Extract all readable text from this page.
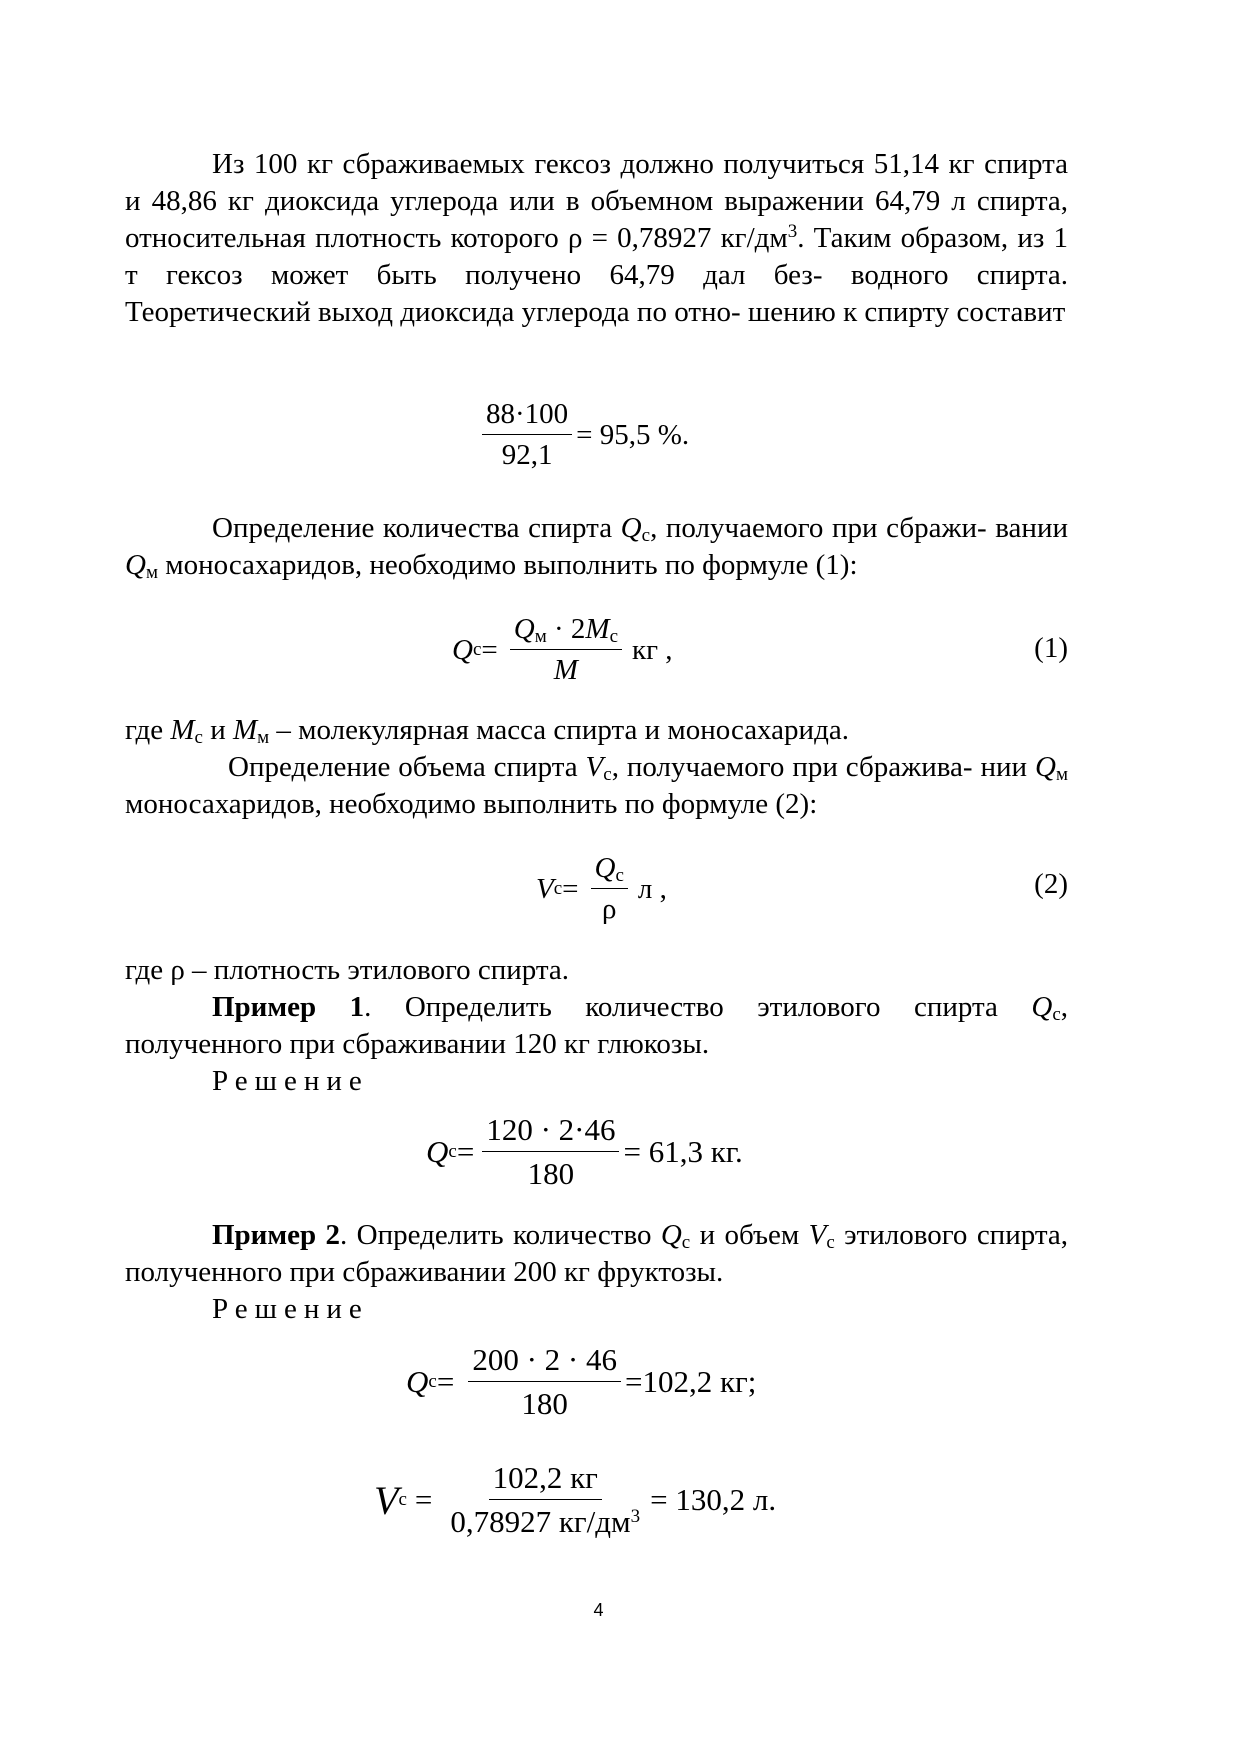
Из 100 кг сбраживаемых гексоз должно получиться 51,14 кг спирта и 48,86 кг диоксида углерода или в объемном выражении 64,79 л спирта, относительная плотность которого ρ = 0,78927 $кг/дм^3$. Таким образом, из 1 т гексоз может быть получено 64,79 дал без- водного спирта. Теоретический выход диоксида углерода по отно- шению к спирту составит
$\frac{88\cdot 100}{92,1} = 95,5$ %.
Определение количества спирта $Q_с$, получаемого при сбражи- вании $Q_м$ моносахаридов, необходимо выполнить по формуле (1):
Q $с = \frac{Q_м \cdot 2M_с}{M}$ кг ,	(1)
где $M_с$ и $M_м$ – молекулярная масса спирта и моносахарида.
Определение объема спирта $V_с$, получаемого при сбражива- нии $Q_м$ моносахаридов, необходимо выполнить по формуле (2):
V $с = \frac{Q_с}{\rho}$ л ,	(2)
где ρ – плотность этилового спирта.
Пример 1. Определить количество этилового спирта $Q_с$, полученного при сбраживании 120 кг глюкозы.
Решение
Q $с = \frac{120 \cdot 2\cdot 46}{180} = 61,3$ кг.
Пример 2. Определить количество $Q_с$ и объем $V_с$ этилового спирта, полученного при сбраживании 200 кг фруктозы.
Решение
Q $с = \frac{200 \cdot 2 \cdot 46}{180} =102,2$ кг;
V $с = \frac{102,2 кг}{0,78927 кг/дм^3} = 130,2$ л.
4
